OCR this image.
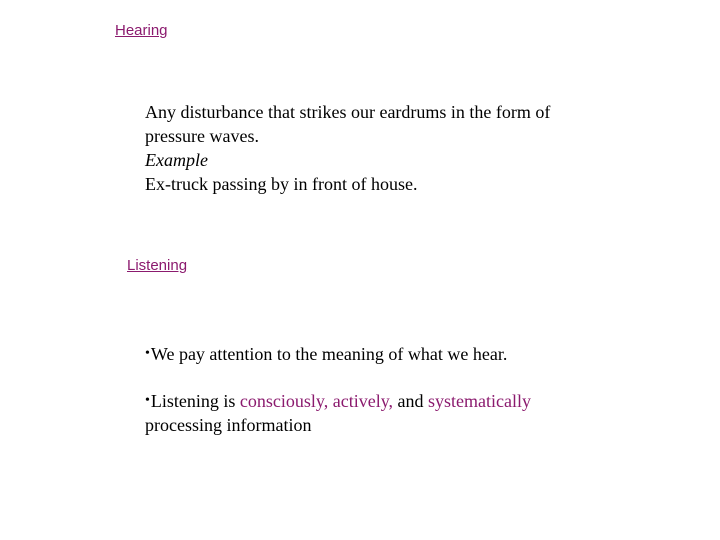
Hearing
Any disturbance that strikes our eardrums in the form of
pressure waves.
Example
Ex-truck passing by in front of house.
Listening
•We pay attention to the meaning of what we hear.
•Listening is consciously, actively, and systematically
processing information
